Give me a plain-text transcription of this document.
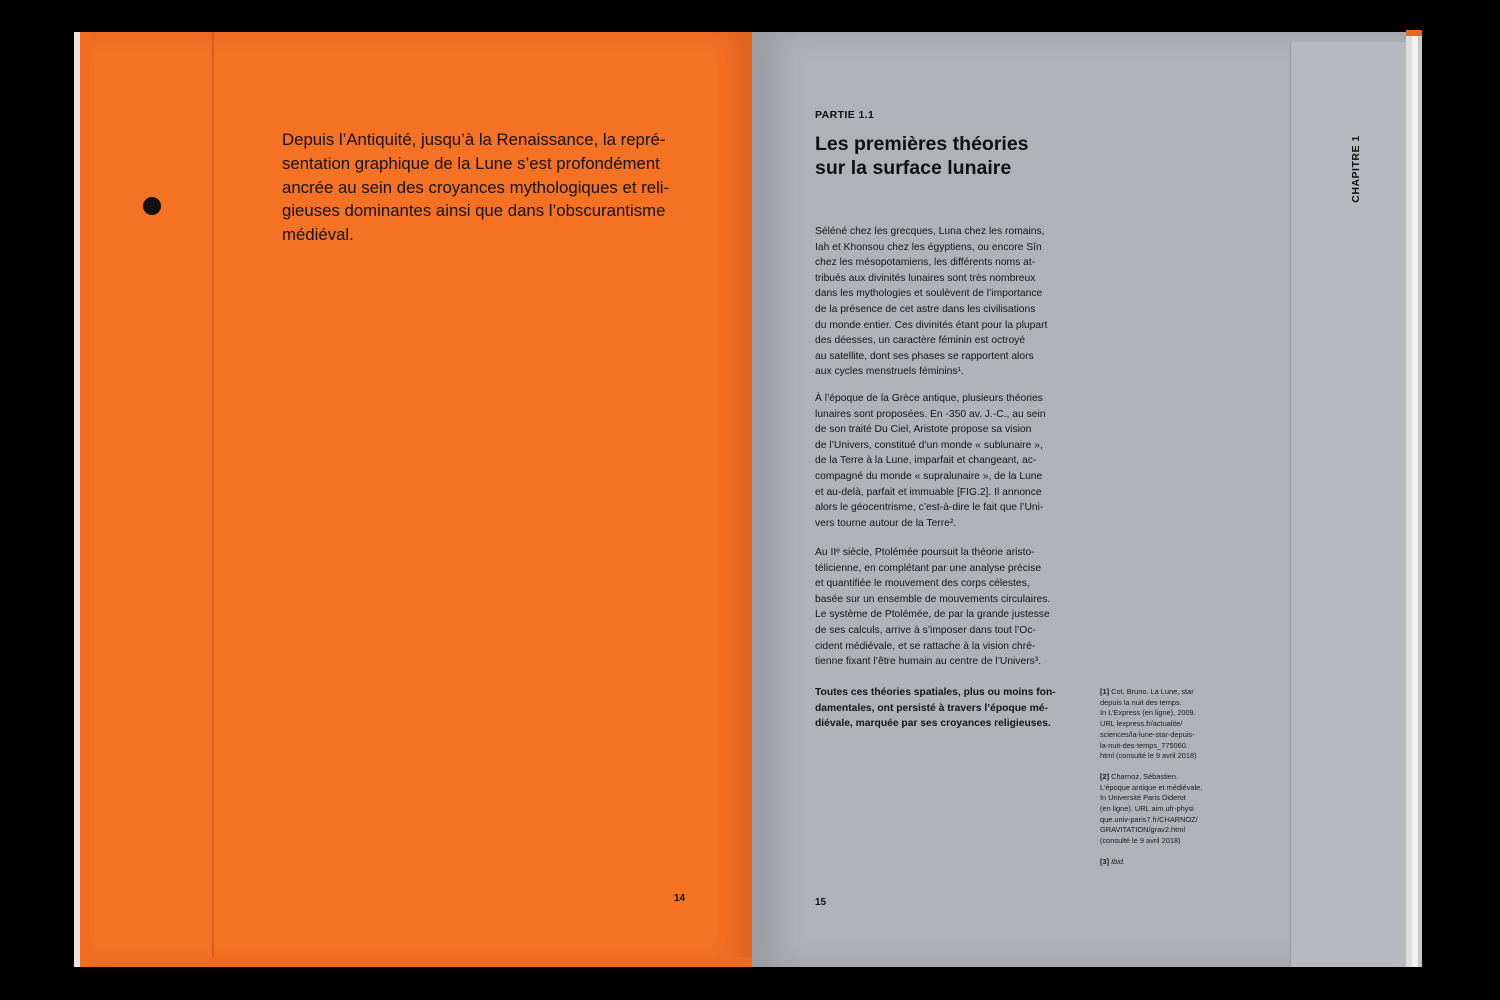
Depuis l’Antiquité, jusqu’à la Renaissance, la repré-
sentation graphique de la Lune s’est profondément
ancrée au sein des croyances mythologiques et reli-
gieuses dominantes ainsi que dans l’obscurantisme
médiéval.

14
PARTIE 1.1
Les premières théories
sur la surface lunaire	CHAPITRE 1

Séléné chez les grecques, Luna chez les romains,
Iah et Khonsou chez les égyptiens, ou encore Sîn
chez les mésopotamiens, les différents noms at-
tribués aux divinités lunaires sont très nombreux
dans les mythologies et soulèvent de l’importance
de la présence de cet astre dans les civilisations
du monde entier. Ces divinités étant pour la plupart
des déesses, un caractère féminin est octroyé
au satellite, dont ses phases se rapportent alors
aux cycles menstruels féminins¹.

À l’époque de la Grèce antique, plusieurs théories
lunaires sont proposées. En -350 av. J.-C., au sein
de son traité Du Ciel, Aristote propose sa vision
de l’Univers, constitué d’un monde « sublunaire »,
de la Terre à la Lune, imparfait et changeant, ac-
compagné du monde « supralunaire », de la Lune
et au-delà, parfait et immuable [FIG.2]. Il annonce
alors le géocentrisme, c’est-à-dire le fait que l’Uni-
vers tourne autour de la Terre².

Au IIᵉ siècle, Ptolémée poursuit la théorie aristo-
télicienne, en complétant par une analyse précise
et quantifiée le mouvement des corps célestes,
basée sur un ensemble de mouvements circulaires.
Le système de Ptolémée, de par la grande justesse
de ses calculs, arrive à s’imposer dans tout l’Oc-
cident médiévale, et se rattache à la vision chré-
tienne fixant l’être humain au centre de l’Univers³.

Toutes ces théories spatiales, plus ou moins fon-
damentales, ont persisté à travers l’époque mé-
diévale, marquée par ses croyances religieuses.

[1] Cot, Bruno. La Lune, star
depuis la nuit des temps.
In L’Express (en ligne), 2009.
URL lexpress.fr/actualite/
sciences/la-lune-star-depuis-
la-nuit-des-temps_775060.
html (consulté le 9 avril 2018)

[2] Charnoz, Sébastien.
L’époque antique et médiévale.
In Université Paris Diderot
(en ligne). URL aim.ufr-physi
que.univ-paris7.fr/CHARNOZ/
GRAVITATION/grav2.html
(consulté le 9 avril 2018)

[3] Ibid.

15
